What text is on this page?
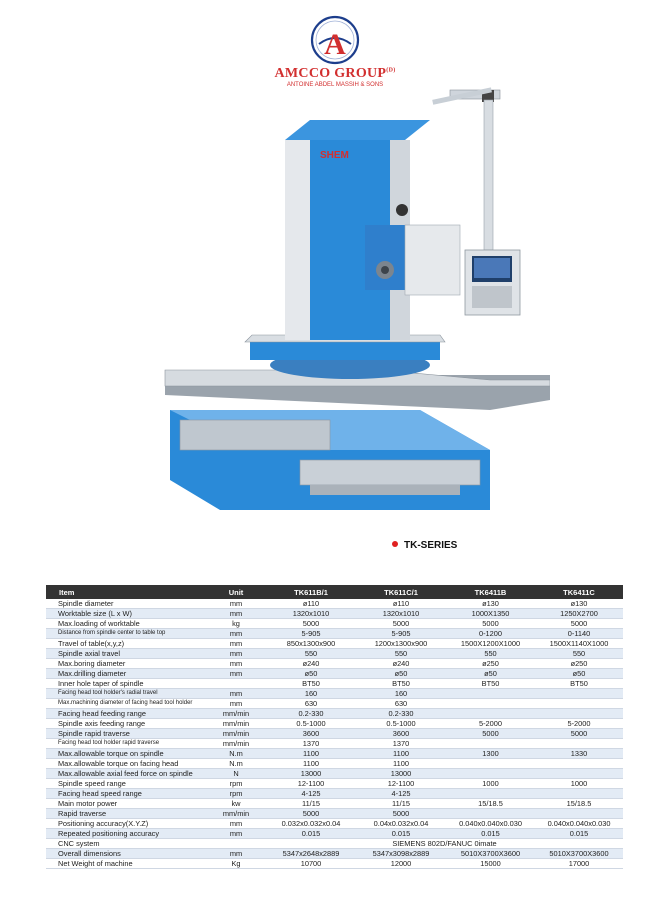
A
AMCCO $GROUP^{(D)}$
ANTOINE ABDEL MASSIH & SONS
SHEM
TK-SERIES
Item	Unit	TK611B/1	TK611C/1	TK6411B	TK6411C
Spindle diameter	mm	ø110	ø110	ø130	ø130
Worktable size (L x W)	mm	1320x1010	1320x1010	1000X1350	1250X2700
Max.loading of worktable	kg	5000	5000	5000	5000
Distance from spindle center to table top	mm	5-905	5-905	0-1200	0-1140
Travel of table(x,y,z)	mm	850x1300x900	1200x1300x900	1500X1200X1000	1500X1140X1000
Spindle axial travel	mm	550	550	550	550
Max.boring diameter	mm	ø240	ø240	ø250	ø250
Max.drilling diameter	mm	ø50	ø50	ø50	ø50
Inner hole taper of spindle		BT50	BT50	BT50	BT50
Facing head tool holder's radial travel	mm	160	160		
Max.machining diameter of facing head tool holder	mm	630	630		
Facing head feeding range	mm/min	0.2-330	0.2-330		
Spindle axis feeding range	mm/min	0.5-1000	0.5-1000	5-2000	5-2000
Spindle rapid traverse	mm/min	3600	3600	5000	5000
Facing head tool holder rapid traverse	mm/min	1370	1370		
Max.allowable torque on spindle	N.m	1100	1100	1300	1330
Max.allowable torque on facing head	N.m	1100	1100		
Max.allowable axial feed force on spindle	N	13000	13000		
Spindle speed range	rpm	12-1100	12-1100	1000	1000
Facing head speed range	rpm	4-125	4-125		
Main motor power	kw	11/15	11/15	15/18.5	15/18.5
Rapid traverse	mm/min	5000	5000		
Positioning accuracy(X.Y.Z)	mm	0.032x0.032x0.04	0.04x0.032x0.04	0.040x0.040x0.030	0.040x0.040x0.030
Repeated positioning accuracy	mm	0.015	0.015	0.015	0.015
CNC system		SIEMENS 802D/FANUC 0imate			
Overall dimensions	mm	5347x2648x2889	5347x3098x2889	5010X3700X3600	5010X3700X3600
Net Weight of machine	Kg	10700	12000	15000	17000
